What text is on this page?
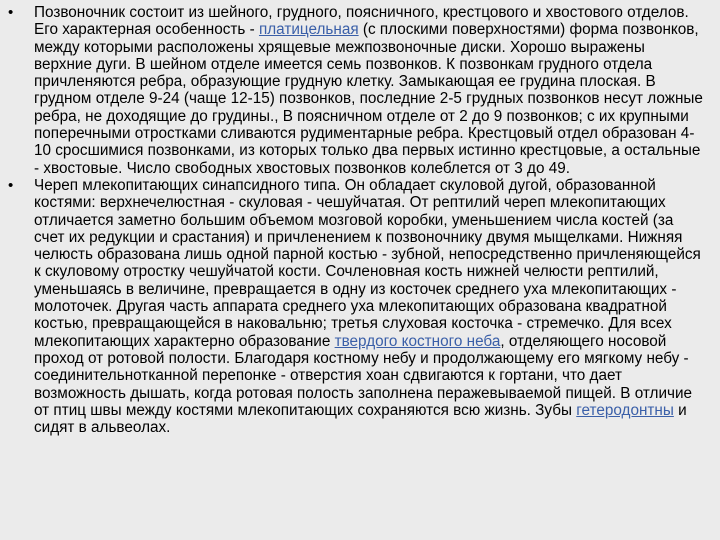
•	Позвоночник состоит из шейного, грудного, поясничного, крестцового и хвостового отделов. Его характерная особенность - платицельная (с плоскими поверхностями) форма позвонков, между которыми расположены хрящевые межпозвоночные диски. Хорошо выражены верхние дуги. В шейном отделе имеется семь позвонков. К позвонкам грудного отдела причленяются ребра, образующие грудную клетку. Замыкающая ее грудина плоская. В грудном отделе 9-24 (чаще 12-15) позвонков, последние 2-5 грудных позвонков несут ложные ребра, не доходящие до грудины., В поясничном отделе от 2 до 9 позвонков; с их крупными поперечными отростками сливаются рудиментарные ребра. Крестцовый отдел образован 4-10 сросшимися позвонками, из которых только два первых истинно крестцовые, а остальные - хвостовые. Число свободных хвостовых позвонков колеблется от 3 до 49.
•	Череп млекопитающих синапсидного типа. Он обладает скуловой дугой, образованной костями: верхнечелюстная - скуловая - чешуйчатая. От рептилий череп млекопитающих отличается заметно большим объемом мозговой коробки, уменьшением числа костей (за счет их редукции и срастания) и причленением к позвоночнику двумя мыщелками. Нижняя челюсть образована лишь одной парной костью - зубной, непосредственно причленяющейся к скуловому отростку чешуйчатой кости. Сочленовная кость нижней челюсти рептилий, уменьшаясь в величине, превращается в одну из косточек среднего уха млекопитающих - молоточек. Другая часть аппарата среднего уха млекопитающих образована квадратной костью, превращающейся в наковальню; третья слуховая косточка - стремечко. Для всех млекопитающих характерно образование твердого костного неба, отделяющего носовой проход от ротовой полости. Благодаря костному небу и продолжающему его мягкому небу - соединительнотканной перепонке - отверстия хоан сдвигаются к гортани, что дает возможность дышать, когда ротовая полость заполнена перажевываемой пищей. В отличие от птиц швы между костями млекопитающих сохраняются всю жизнь. Зубы гетеродонтны и сидят в альвеолах.
